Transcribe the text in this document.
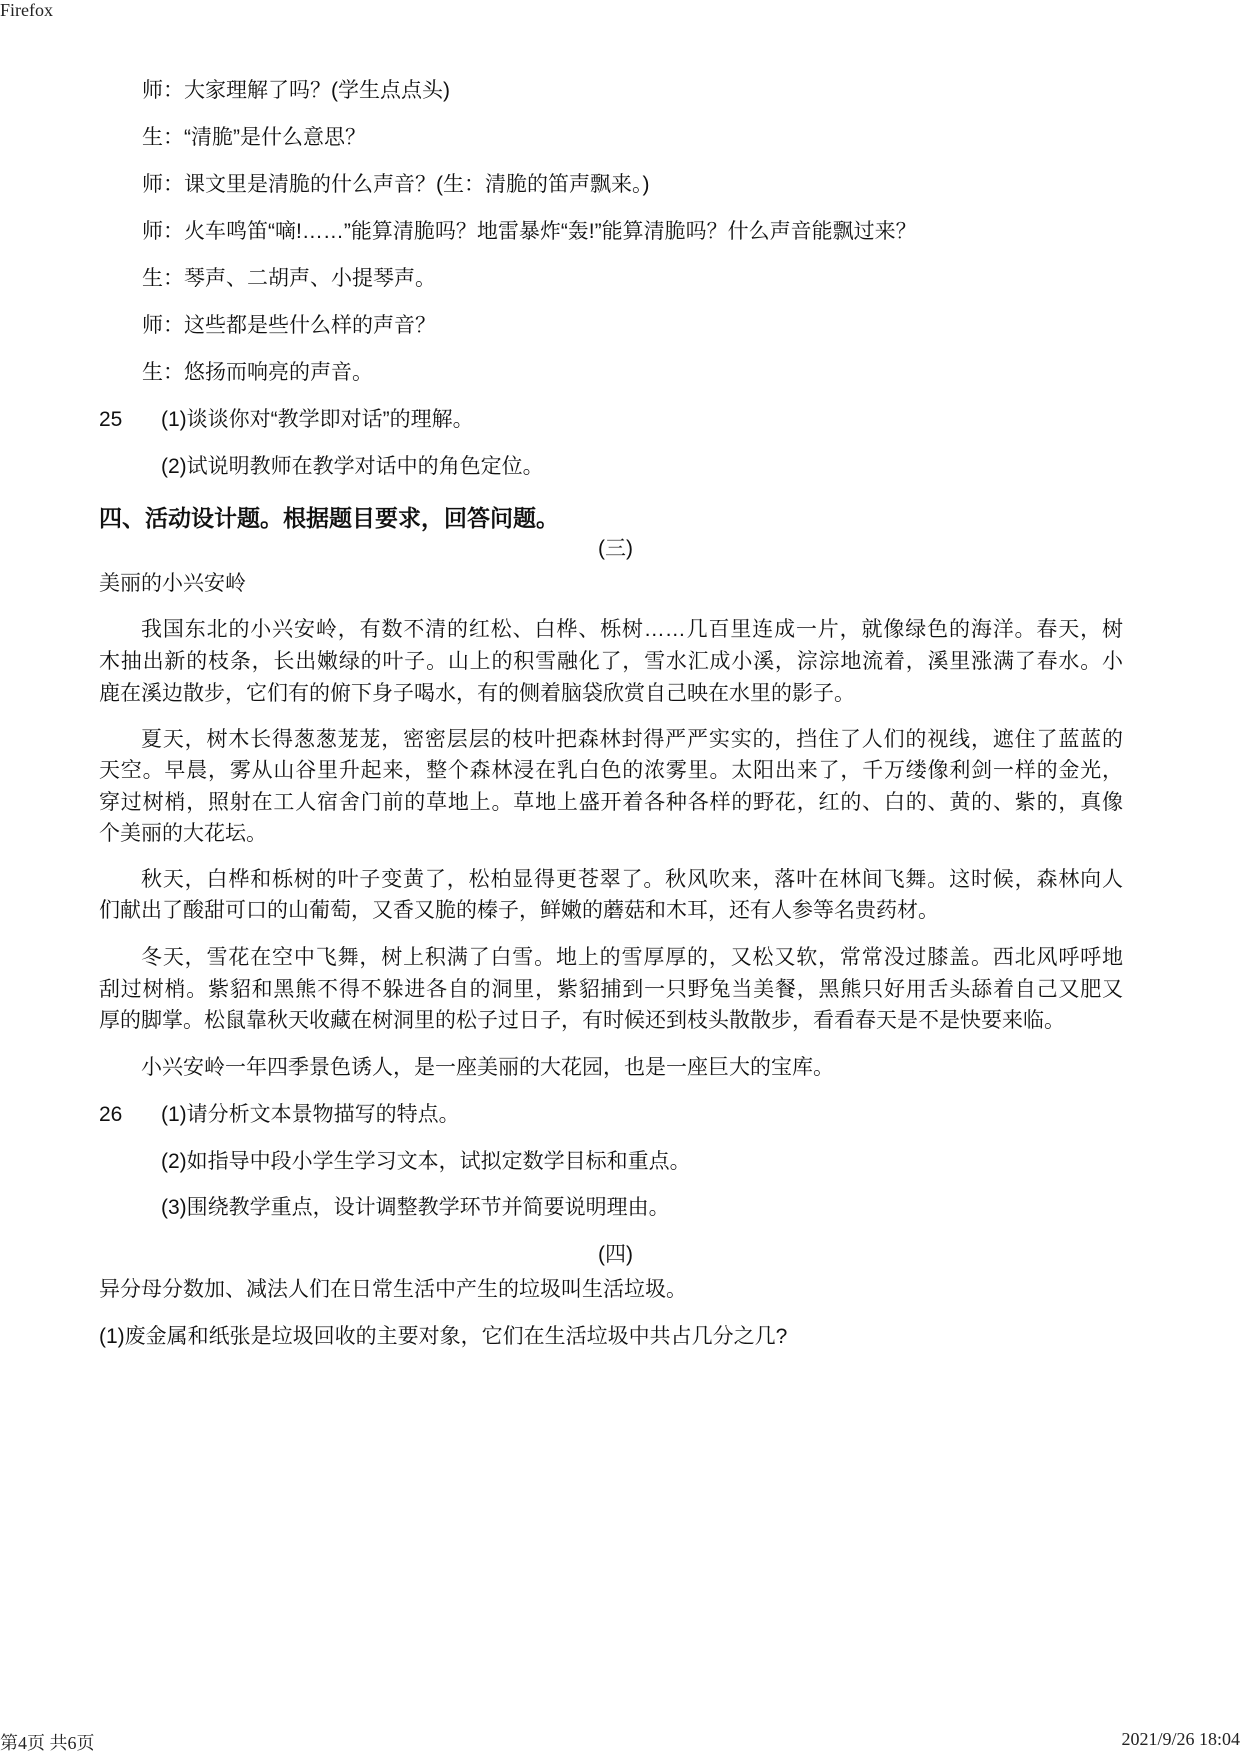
Firefox
师：大家理解了吗？(学生点点头)
生：“清脆”是什么意思？
师：课文里是清脆的什么声音？(生：清脆的笛声飘来。)
师：火车鸣笛“嘀!……”能算清脆吗？地雷暴炸“轰!”能算清脆吗？什么声音能飘过来？
生：琴声、二胡声、小提琴声。
师：这些都是些什么样的声音？
生：悠扬而响亮的声音。
25 (1)谈谈你对“教学即对话”的理解。
(2)试说明教师在教学对话中的角色定位。
四、活动设计题。根据题目要求，回答问题。
(三)
美丽的小兴安岭
我国东北的小兴安岭，有数不清的红松、白桦、栎树……几百里连成一片，就像绿色的海洋。春天，树
木抽出新的枝条，长出嫩绿的叶子。山上的积雪融化了，雪水汇成小溪，淙淙地流着，溪里涨满了春水。小
鹿在溪边散步，它们有的俯下身子喝水，有的侧着脑袋欣赏自己映在水里的影子。
夏天，树木长得葱葱茏茏，密密层层的枝叶把森林封得严严实实的，挡住了人们的视线，遮住了蓝蓝的
天空。早晨，雾从山谷里升起来，整个森林浸在乳白色的浓雾里。太阳出来了，千万缕像利剑一样的金光，
穿过树梢，照射在工人宿舍门前的草地上。草地上盛开着各种各样的野花，红的、白的、黄的、紫的，真像
个美丽的大花坛。
秋天，白桦和栎树的叶子变黄了，松柏显得更苍翠了。秋风吹来，落叶在林间飞舞。这时候，森林向人
们献出了酸甜可口的山葡萄，又香又脆的榛子，鲜嫩的蘑菇和木耳，还有人参等名贵药材。
冬天，雪花在空中飞舞，树上积满了白雪。地上的雪厚厚的，又松又软，常常没过膝盖。西北风呼呼地
刮过树梢。紫貂和黑熊不得不躲进各自的洞里，紫貂捕到一只野兔当美餐，黑熊只好用舌头舔着自己又肥又
厚的脚掌。松鼠靠秋天收藏在树洞里的松子过日子，有时候还到枝头散散步，看看春天是不是快要来临。
小兴安岭一年四季景色诱人，是一座美丽的大花园，也是一座巨大的宝库。
26 (1)请分析文本景物描写的特点。
(2)如指导中段小学生学习文本，试拟定数学目标和重点。
(3)围绕教学重点，设计调整教学环节并简要说明理由。
(四)
异分母分数加、减法人们在日常生活中产生的垃圾叫生活垃圾。
(1)废金属和纸张是垃圾回收的主要对象，它们在生活垃圾中共占几分之几?
第4页 共6页	2021/9/26 18:04
